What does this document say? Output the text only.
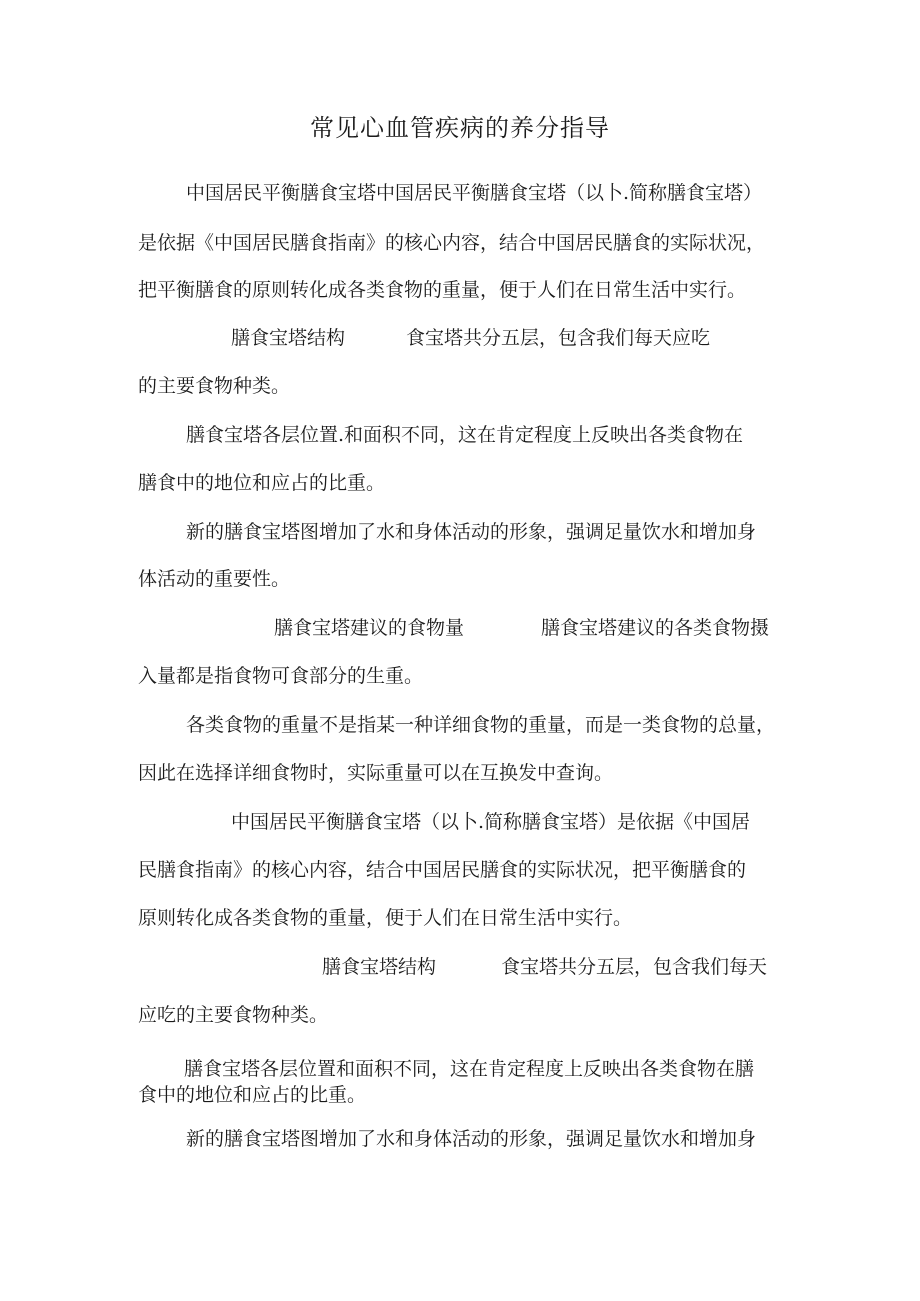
常见心血管疾病的养分指导

中国居民平衡膳食宝塔中国居民平衡膳食宝塔（以卜.简称膳食宝塔）

是依据《中国居民膳食指南》的核心内容，结合中国居民膳食的实际状况，

把平衡膳食的原则转化成各类食物的重量，便于人们在日常生活中实行。

膳食宝塔结构	食宝塔共分五层，包含我们每天应吃

的主要食物种类。

膳食宝塔各层位置.和面积不同，这在肯定程度上反映出各类食物在

膳食中的地位和应占的比重。

新的膳食宝塔图增加了水和身体活动的形象，强调足量饮水和增加身

体活动的重要性。

膳食宝塔建议的食物量	膳食宝塔建议的各类食物摄

入量都是指食物可食部分的生重。

各类食物的重量不是指某一种详细食物的重量，而是一类食物的总量，

因此在选择详细食物时，实际重量可以在互换发中查询。

中国居民平衡膳食宝塔（以卜.简称膳食宝塔）是依据《中国居

民膳食指南》的核心内容，结合中国居民膳食的实际状况，把平衡膳食的

原则转化成各类食物的重量，便于人们在日常生活中实行。

膳食宝塔结构	食宝塔共分五层，包含我们每天

应吃的主要食物种类。

膳食宝塔各层位置和面积不同，这在肯定程度上反映出各类食物在膳

食中的地位和应占的比重。

新的膳食宝塔图增加了水和身体活动的形象，强调足量饮水和增加身
